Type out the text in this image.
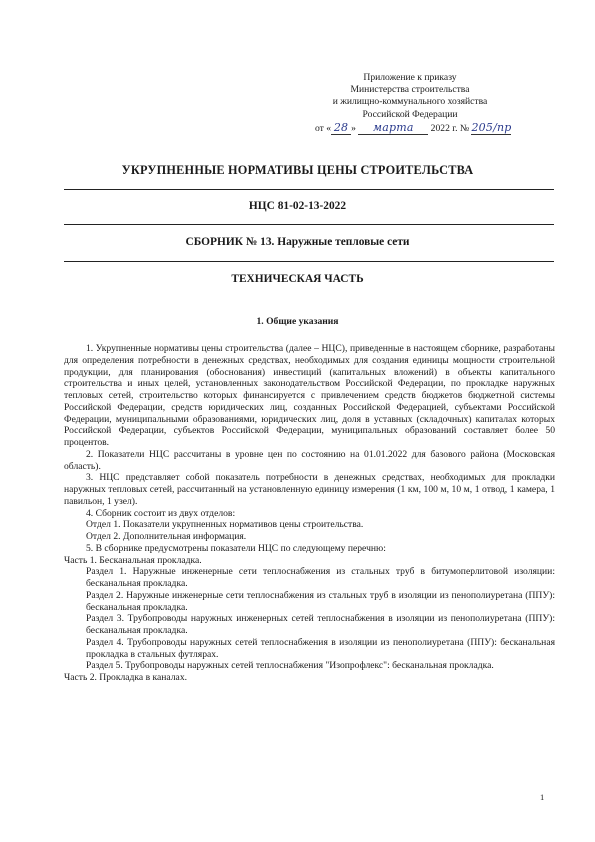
Приложение к приказу
Министерства строительства
и жилищно-коммунального хозяйства
Российской Федерации
от « 28 » марта 2022 г. № 205/пр
УКРУПНЕННЫЕ НОРМАТИВЫ ЦЕНЫ СТРОИТЕЛЬСТВА
НЦС 81-02-13-2022
СБОРНИК № 13. Наружные тепловые сети
ТЕХНИЧЕСКАЯ ЧАСТЬ
1. Общие указания

1. Укрупненные нормативы цены строительства (далее – НЦС), приведенные в настоящем сборнике, разработаны для определения потребности в денежных средствах, необходимых для создания единицы мощности строительной продукции, для планирования (обоснования) инвестиций (капитальных вложений) в объекты капитального строительства и иных целей, установленных законодательством Российской Федерации, по прокладке наружных тепловых сетей, строительство которых финансируется с привлечением средств бюджетов бюджетной системы Российской Федерации, средств юридических лиц, созданных Российской Федерацией, субъектами Российской Федерации, муниципальными образованиями, юридических лиц, доля в уставных (складочных) капиталах которых Российской Федерации, субъектов Российской Федерации, муниципальных образований составляет более 50 процентов.

2. Показатели НЦС рассчитаны в уровне цен по состоянию на 01.01.2022 для базового района (Московская область).

3. НЦС представляет собой показатель потребности в денежных средствах, необходимых для прокладки наружных тепловых сетей, рассчитанный на установленную единицу измерения (1 км, 100 м, 10 м, 1 отвод, 1 камера, 1 павильон, 1 узел).

4. Сборник состоит из двух отделов:

Отдел 1. Показатели укрупненных нормативов цены строительства.

Отдел 2. Дополнительная информация.

5. В сборнике предусмотрены показатели НЦС по следующему перечню:

Часть 1. Бесканальная прокладка.

Раздел 1. Наружные инженерные сети теплоснабжения из стальных труб в битумоперлитовой изоляции: бесканальная прокладка.

Раздел 2. Наружные инженерные сети теплоснабжения из стальных труб в изоляции из пенополиуретана (ППУ): бесканальная прокладка.

Раздел 3. Трубопроводы наружных инженерных сетей теплоснабжения в изоляции из пенополиуретана (ППУ): бесканальная прокладка.

Раздел 4. Трубопроводы наружных сетей теплоснабжения в изоляции из пенополиуретана (ППУ): бесканальная прокладка в стальных футлярах.

Раздел 5. Трубопроводы наружных сетей теплоснабжения "Изопрофлекс": бесканальная прокладка.

Часть 2. Прокладка в каналах.

1
